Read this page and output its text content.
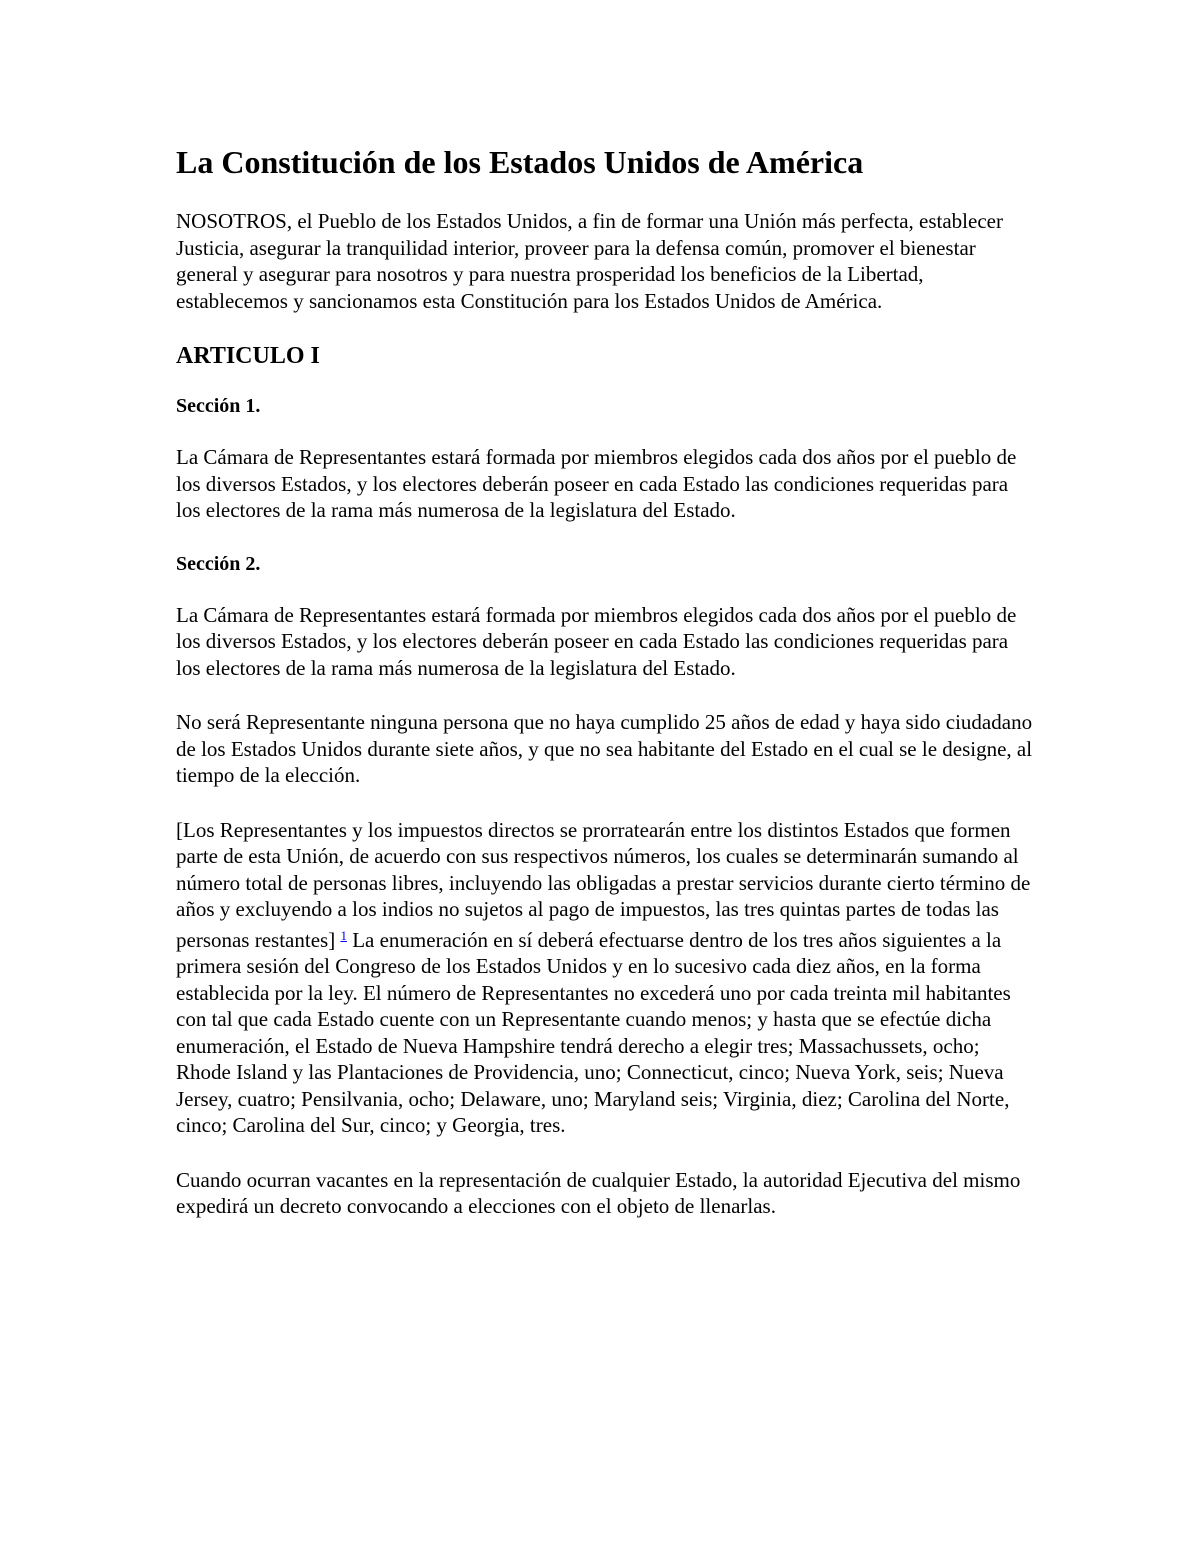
La Constitución de los Estados Unidos de América

NOSOTROS, el Pueblo de los Estados Unidos, a fin de formar una Unión más perfecta, establecer Justicia, asegurar la tranquilidad interior, proveer para la defensa común, promover el bienestar general y asegurar para nosotros y para nuestra prosperidad los beneficios de la Libertad, establecemos y sancionamos esta Constitución para los Estados Unidos de América.

ARTICULO I
Sección 1.

La Cámara de Representantes estará formada por miembros elegidos cada dos años por el pueblo de los diversos Estados, y los electores deberán poseer en cada Estado las condiciones requeridas para los electores de la rama más numerosa de la legislatura del Estado.

Sección 2.

La Cámara de Representantes estará formada por miembros elegidos cada dos años por el pueblo de los diversos Estados, y los electores deberán poseer en cada Estado las condiciones requeridas para los electores de la rama más numerosa de la legislatura del Estado.

No será Representante ninguna persona que no haya cumplido 25 años de edad y haya sido ciudadano de los Estados Unidos durante siete años, y que no sea habitante del Estado en el cual se le designe, al tiempo de la elección.

[Los Representantes y los impuestos directos se prorratearán entre los distintos Estados que formen parte de esta Unión, de acuerdo con sus respectivos números, los cuales se determinarán sumando al número total de personas libres, incluyendo las obligadas a prestar servicios durante cierto término de años y excluyendo a los indios no sujetos al pago de impuestos, las tres quintas partes de todas las personas restantes] $^1$ La enumeración en sí deberá efectuarse dentro de los tres años siguientes a la primera sesión del Congreso de los Estados Unidos y en lo sucesivo cada diez años, en la forma establecida por la ley. El número de Representantes no excederá uno por cada treinta mil habitantes con tal que cada Estado cuente con un Representante cuando menos; y hasta que se efectúe dicha enumeración, el Estado de Nueva Hampshire tendrá derecho a elegir tres; Massachussets, ocho; Rhode Island y las Plantaciones de Providencia, uno; Connecticut, cinco; Nueva York, seis; Nueva Jersey, cuatro; Pensilvania, ocho; Delaware, uno; Maryland seis; Virginia, diez; Carolina del Norte, cinco; Carolina del Sur, cinco; y Georgia, tres.

Cuando ocurran vacantes en la representación de cualquier Estado, la autoridad Ejecutiva del mismo expedirá un decreto convocando a elecciones con el objeto de llenarlas.
